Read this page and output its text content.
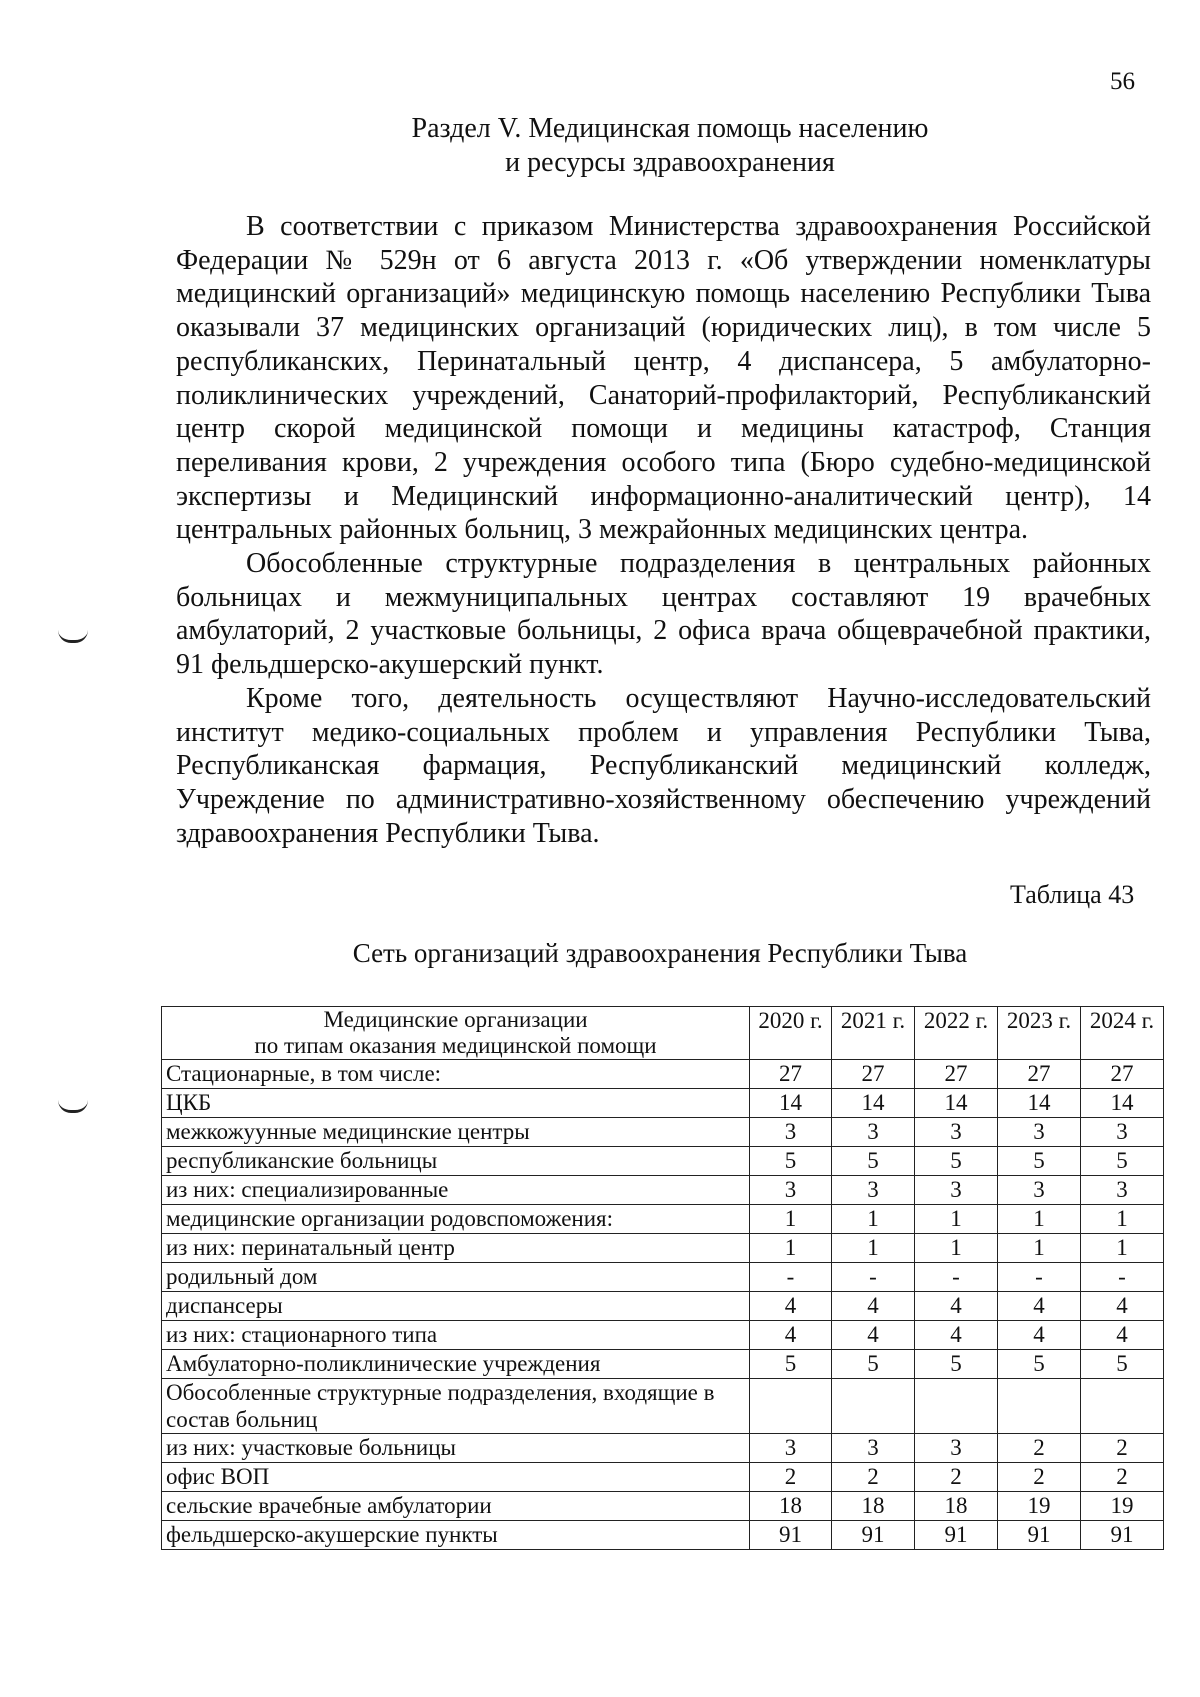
56
Раздел V. Медицинская помощь населению
и ресурсы здравоохранения

В соответствии с приказом Министерства здравоохранения Российской Федерации № 529н от 6 августа 2013 г. «Об утверждении номенклатуры медицинский организаций» медицинскую помощь населению Республики Тыва оказывали 37 медицинских организаций (юридических лиц), в том числе 5 республиканских, Перинатальный центр, 4 диспансера, 5 амбулаторно-поликлинических учреждений, Санаторий-профилакторий, Республиканский центр скорой медицинской помощи и медицины катастроф, Станция переливания крови, 2 учреждения особого типа (Бюро судебно-медицинской экспертизы и Медицинский информационно-аналитический центр), 14 центральных районных больниц, 3 межрайонных медицинских центра.

Обособленные структурные подразделения в центральных районных больницах и межмуниципальных центрах составляют 19 врачебных амбулаторий, 2 участковые больницы, 2 офиса врача общеврачебной практики, 91 фельдшерско-акушерский пункт.

Кроме того, деятельность осуществляют Научно-исследовательский институт медико-социальных проблем и управления Республики Тыва, Республиканская фармация, Республиканский медицинский колледж, Учреждение по административно-хозяйственному обеспечению учреждений здравоохранения Республики Тыва.

Таблица 43
Сеть организаций здравоохранения Республики Тыва
Медицинские организации
по типам оказания медицинской помощи	2020 г.	2021 г.	2022 г.	2023 г.	2024 г.
Стационарные, в том числе:	27	27	27	27	27
ЦКБ	14	14	14	14	14
межкожуунные медицинские центры	3	3	3	3	3
республиканские больницы	5	5	5	5	5
из них: специализированные	3	3	3	3	3
медицинские организации родовспоможения:	1	1	1	1	1
из них: перинатальный центр	1	1	1	1	1
родильный дом	-	-	-	-	-
диспансеры	4	4	4	4	4
из них: стационарного типа	4	4	4	4	4
Амбулаторно-поликлинические учреждения	5	5	5	5	5
Обособленные структурные подразделения, входящие в состав больниц					
из них: участковые больницы	3	3	3	2	2
офис ВОП	2	2	2	2	2
сельские врачебные амбулатории	18	18	18	19	19
фельдшерско-акушерские пункты	91	91	91	91	91
